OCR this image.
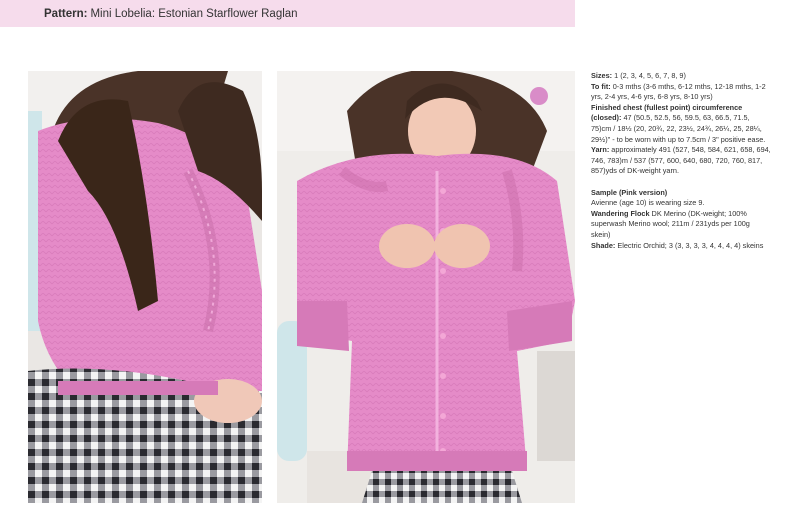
Pattern: Mini Lobelia: Estonian Starflower Raglan

Sizes: 1 (2, 3, 4, 5, 6, 7, 8, 9)

To fit: 0-3 mths (3-6 mths, 6-12 mths, 12-18 mths, 1-2 yrs, 2-4 yrs, 4-6 yrs, 6-8 yrs, 8-10 yrs)

Finished chest (fullest point) circumference (closed): 47 (50.5, 52.5, 56, 59.5, 63, 66.5, 71.5, 75)cm / 18½ (20, 20¾, 22, 23½, 24¾, 26¼, 25, 28¼, 29½)" - to be worn with up to 7.5cm / 3" positive ease.

Yarn: approximately 491 (527, 548, 584, 621, 658, 694, 746, 783)m / 537 (577, 600, 640, 680, 720, 760, 817, 857)yds of DK-weight yarn.

Sample (Pink version)

Avienne (age 10) is wearing size 9.

Wandering Flock DK Merino (DK-weight; 100% superwash Merino wool; 211m / 231yds per 100g skein)

Shade: Electric Orchid; 3 (3, 3, 3, 3, 4, 4, 4, 4) skeins
